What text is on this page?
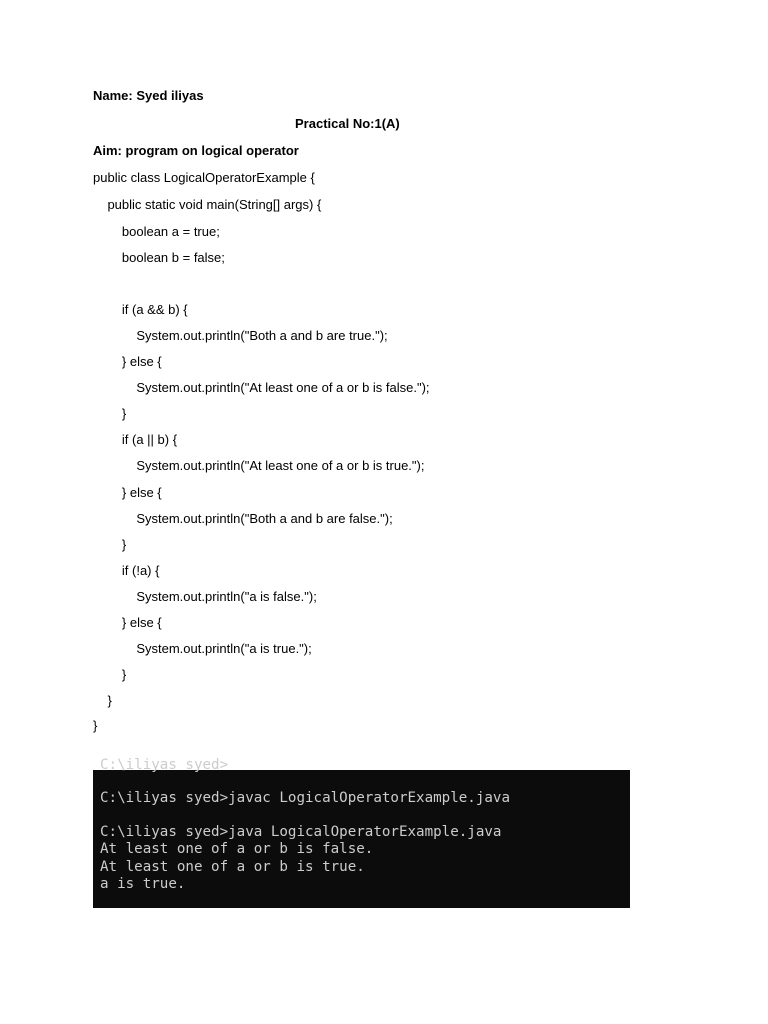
Name: Syed iliyas
Practical No:1(A)
Aim: program on logical operator
public class LogicalOperatorExample {
public static void main(String[] args) {
boolean a = true;
boolean b = false;
if (a && b) {
System.out.println("Both a and b are true.");
} else {
System.out.println("At least one of a or b is false.");
}
if (a || b) {
System.out.println("At least one of a or b is true.");
} else {
System.out.println("Both a and b are false.");
}
if (!a) {
System.out.println("a is false.");
} else {
System.out.println("a is true.");
}
}
}
C:\iliyas syed>
C:\iliyas syed>javac LogicalOperatorExample.java
C:\iliyas syed>java LogicalOperatorExample.java
At least one of a or b is false.
At least one of a or b is true.
a is true.
